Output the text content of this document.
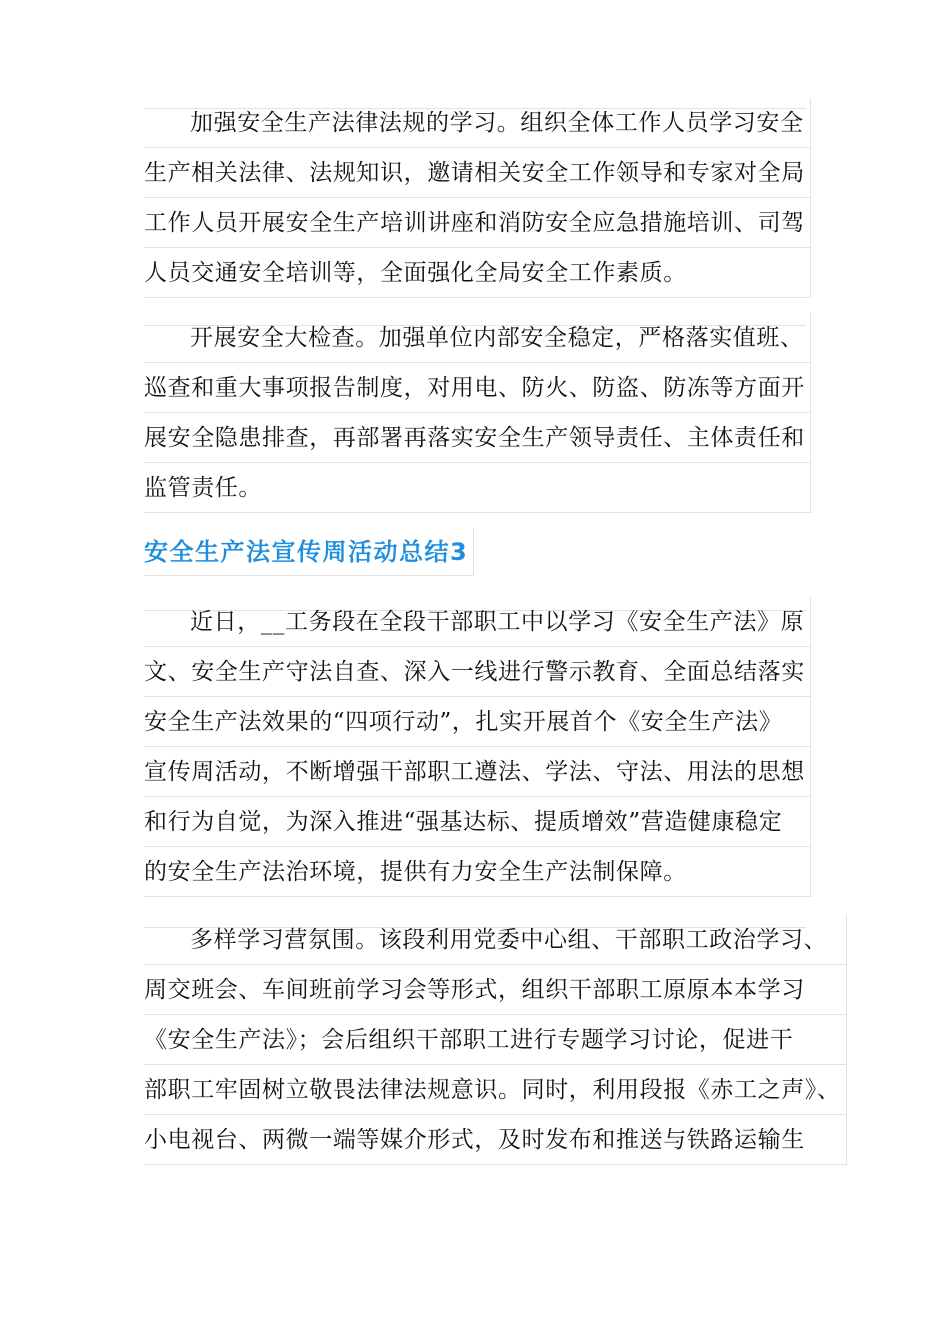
加强安全生产法律法规的学习。组织全体工作人员学习安全
生产相关法律、法规知识，邀请相关安全工作领导和专家对全局
工作人员开展安全生产培训讲座和消防安全应急措施培训、司驾
人员交通安全培训等，全面强化全局安全工作素质。
开展安全大检查。加强单位内部安全稳定，严格落实值班、
巡查和重大事项报告制度，对用电、防火、防盗、防冻等方面开
展安全隐患排查，再部署再落实安全生产领导责任、主体责任和
监管责任。
安全生产法宣传周活动总结3
近日，__工务段在全段干部职工中以学习《安全生产法》原
文、安全生产守法自查、深入一线进行警示教育、全面总结落实
安全生产法效果的“四项行动”，扎实开展首个《安全生产法》
宣传周活动，不断增强干部职工遵法、学法、守法、用法的思想
和行为自觉，为深入推进“强基达标、提质增效”营造健康稳定
的安全生产法治环境，提供有力安全生产法制保障。
多样学习营氛围。该段利用党委中心组、干部职工政治学习、
周交班会、车间班前学习会等形式，组织干部职工原原本本学习
《安全生产法》；会后组织干部职工进行专题学习讨论，促进干
部职工牢固树立敬畏法律法规意识。同时，利用段报《赤工之声》、
小电视台、两微一端等媒介形式，及时发布和推送与铁路运输生
